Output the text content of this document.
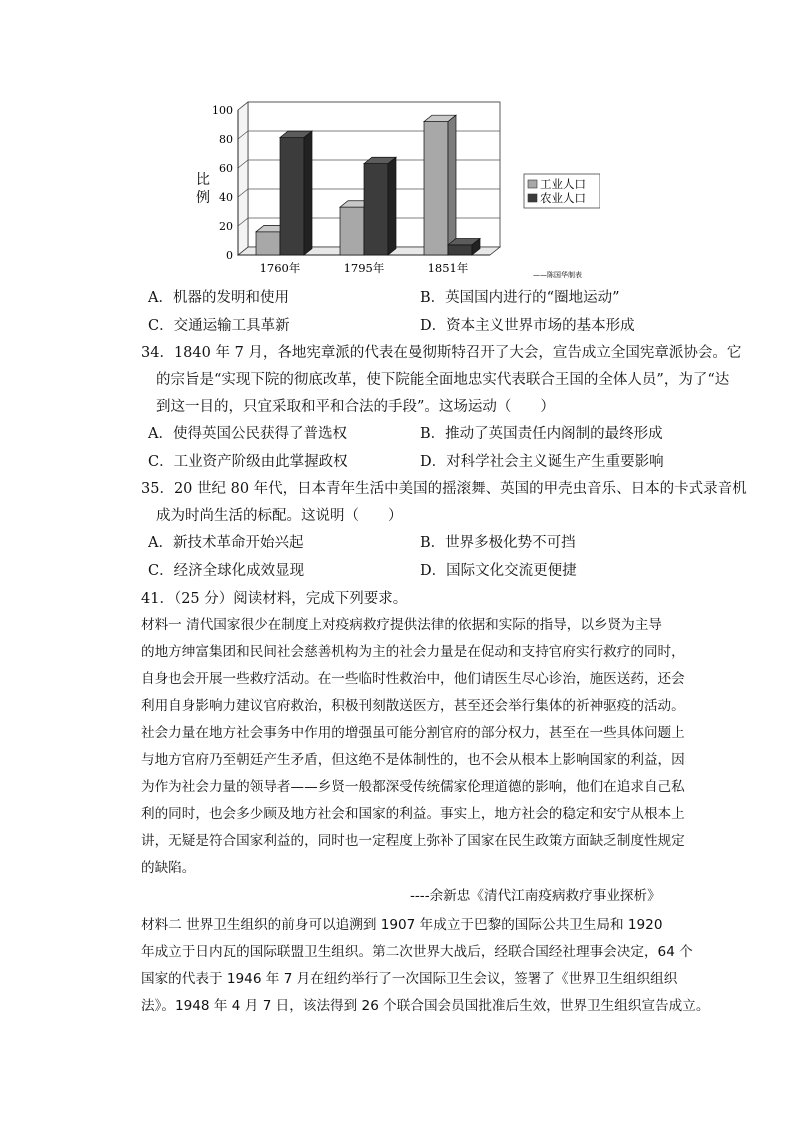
0
20
40
60
80
100
1760年	1795年	1851年
比
例
工业人口
农业人口
——陈国华制表
A．机器的发明和使用	B．英国国内进行的“圈地运动”
C．交通运输工具革新	D．资本主义世界市场的基本形成
34．1840 年 7 月，各地宪章派的代表在曼彻斯特召开了大会，宣告成立全国宪章派协会。它
的宗旨是“实现下院的彻底改革，使下院能全面地忠实代表联合王国的全体人员”，为了“达
到这一目的，只宜采取和平和合法的手段”。这场运动（　　）
A．使得英国公民获得了普选权	B．推动了英国责任内阁制的最终形成
C．工业资产阶级由此掌握政权	D．对科学社会主义诞生产生重要影响
35．20 世纪 80 年代，日本青年生活中美国的摇滚舞、英国的甲壳虫音乐、日本的卡式录音机
成为时尚生活的标配。这说明（　　）
A．新技术革命开始兴起	B．世界多极化势不可挡
C．经济全球化成效显现	D．国际文化交流更便捷
41．（25 分）阅读材料，完成下列要求。
材料一 清代国家很少在制度上对疫病救疗提供法律的依据和实际的指导，以乡贤为主导
的地方绅富集团和民间社会慈善机构为主的社会力量是在促动和支持官府实行救疗的同时，
自身也会开展一些救疗活动。在一些临时性救治中，他们请医生尽心诊治，施医送药，还会
利用自身影响力建议官府救治，积极刊刻散送医方，甚至还会举行集体的祈神驱疫的活动。
社会力量在地方社会事务中作用的增强虽可能分割官府的部分权力，甚至在一些具体问题上
与地方官府乃至朝廷产生矛盾，但这绝不是体制性的，也不会从根本上影响国家的利益，因
为作为社会力量的领导者——乡贤一般都深受传统儒家伦理道德的影响，他们在追求自己私
利的同时，也会多少顾及地方社会和国家的利益。事实上，地方社会的稳定和安宁从根本上
讲，无疑是符合国家利益的，同时也一定程度上弥补了国家在民生政策方面缺乏制度性规定
的缺陷。
----余新忠《清代江南疫病救疗事业探析》
材料二 世界卫生组织的前身可以追溯到 1907 年成立于巴黎的国际公共卫生局和 1920
年成立于日内瓦的国际联盟卫生组织。第二次世界大战后，经联合国经社理事会决定，64 个
国家的代表于 1946 年 7 月在纽约举行了一次国际卫生会议，签署了《世界卫生组织组织
法》。1948 年 4 月 7 日，该法得到 26 个联合国会员国批准后生效，世界卫生组织宣告成立。
